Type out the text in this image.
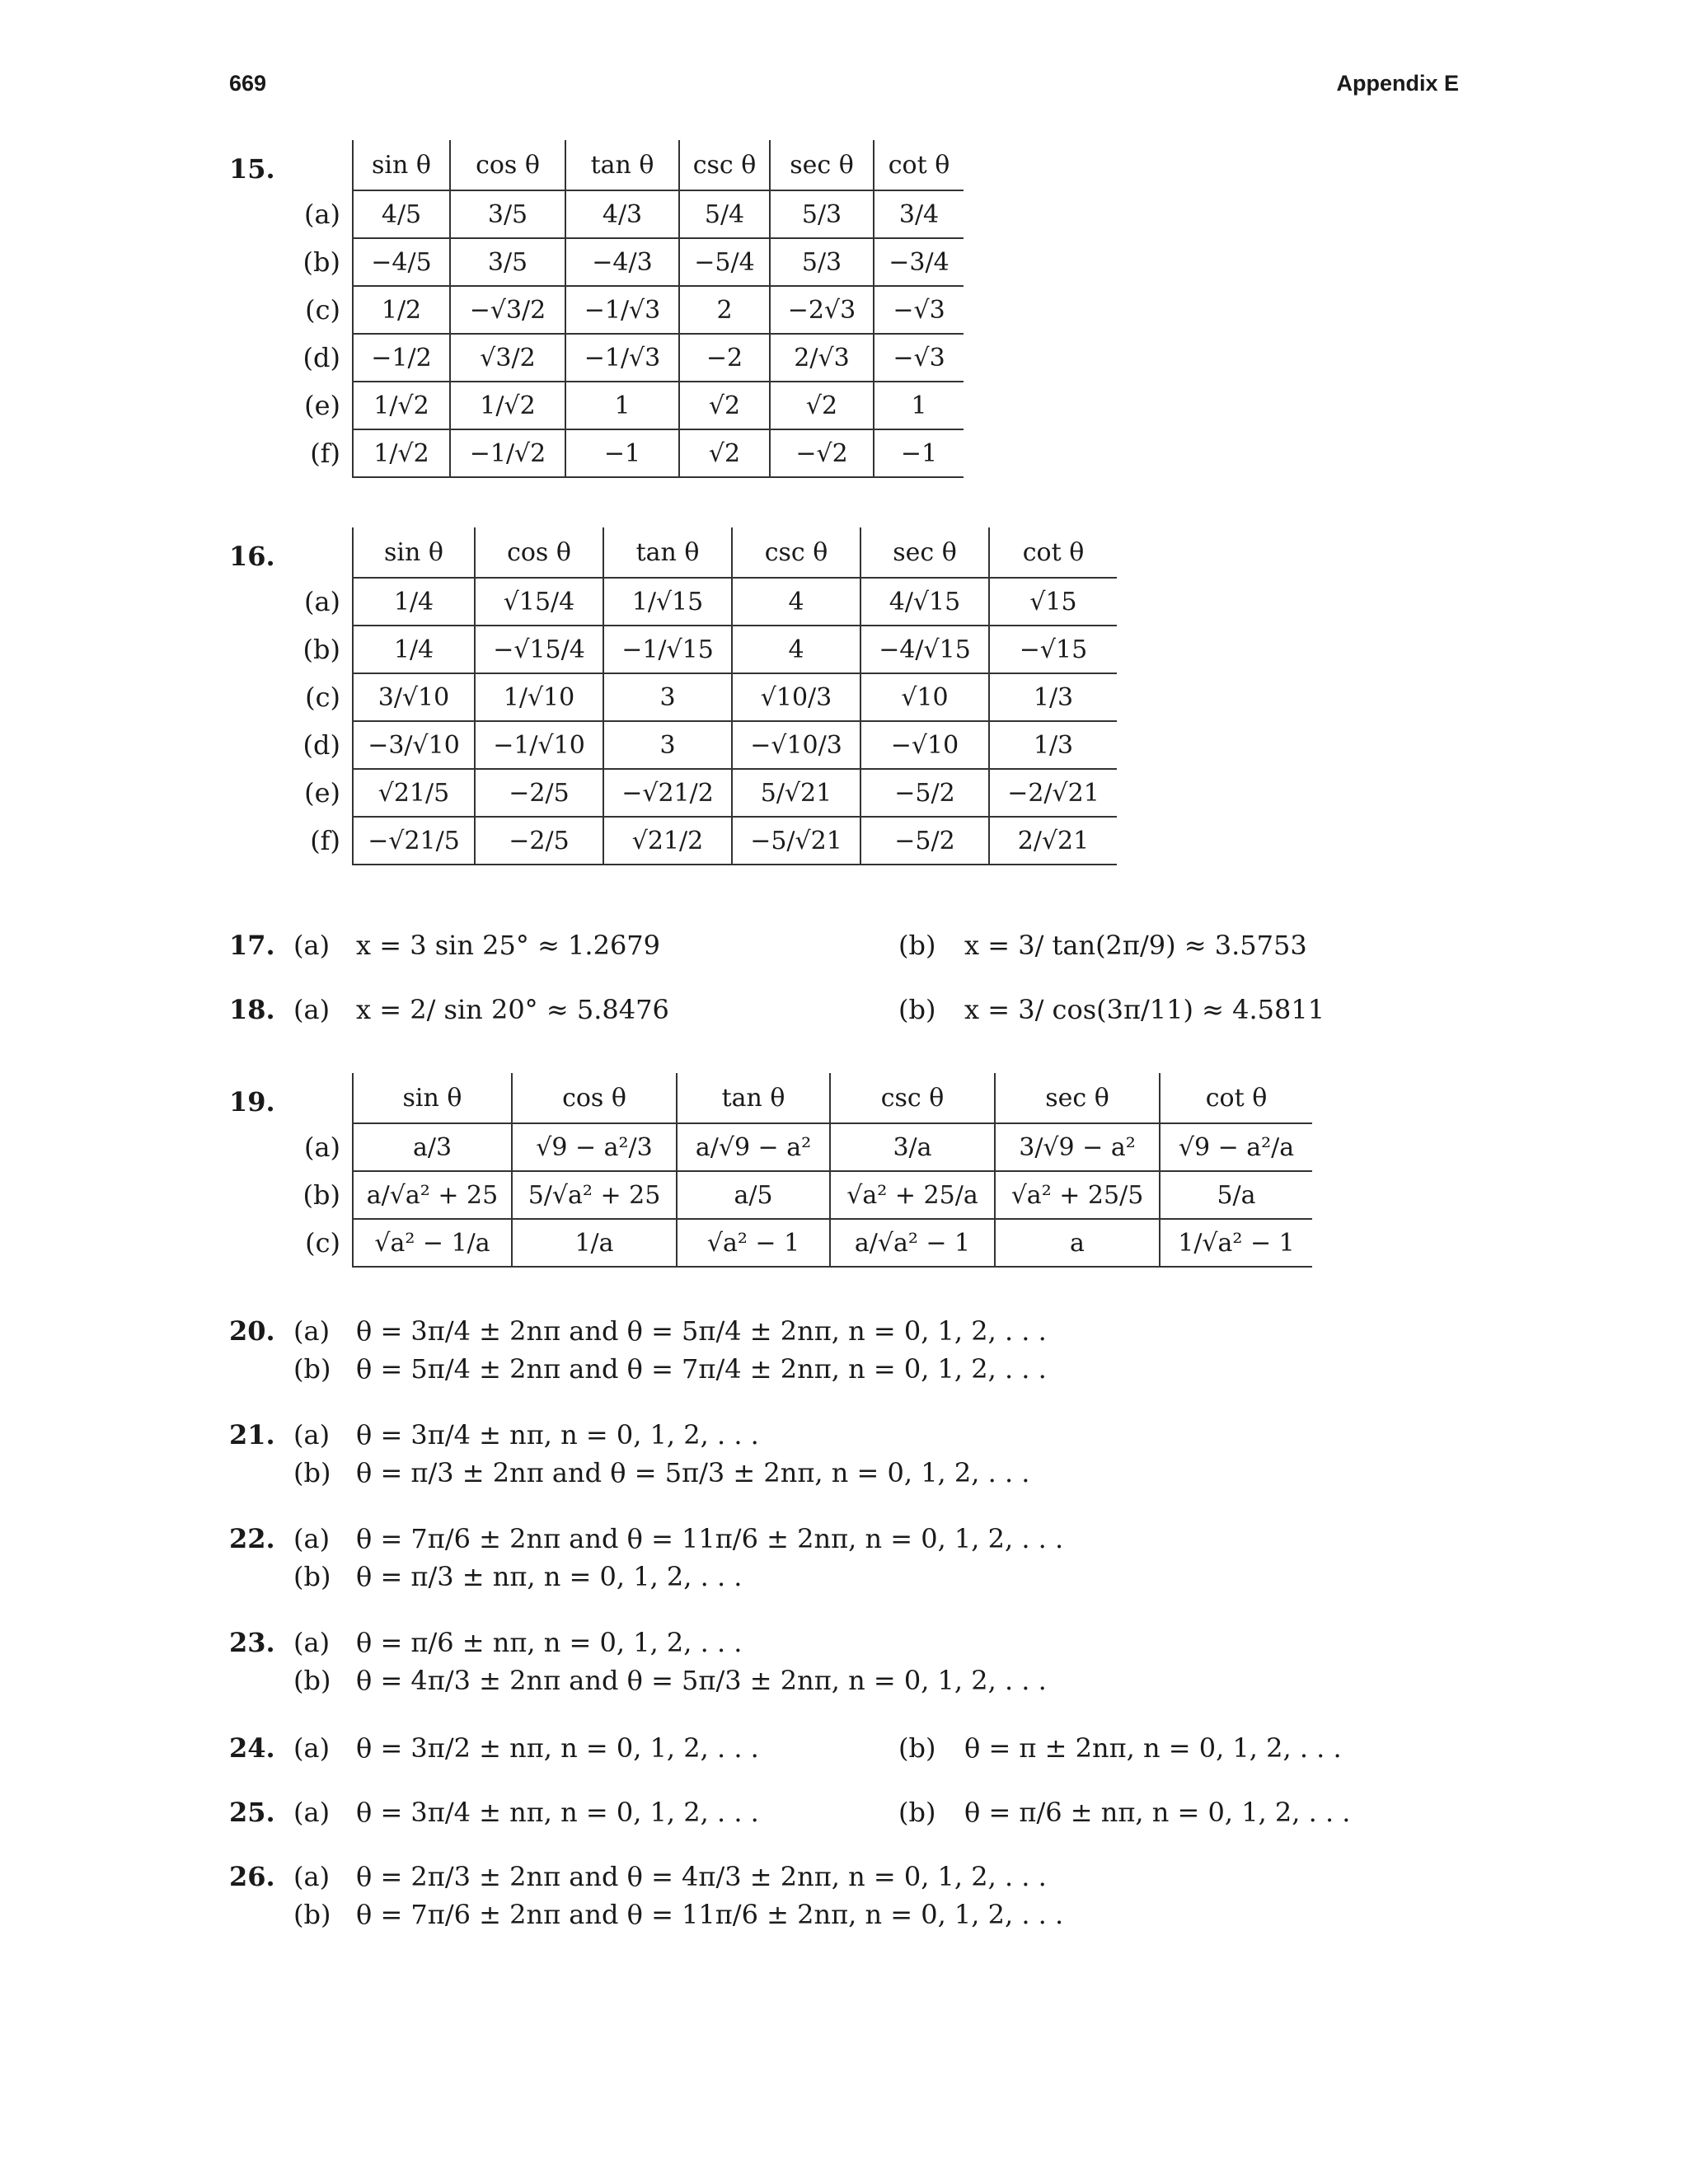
669	Appendix E
15.
		sin θ	cos θ	tan θ	csc θ	sec θ	cot θ
(a)	4/5	3/5	4/3	5/4	5/3	3/4
(b)	−4/5	3/5	−4/3	−5/4	5/3	−3/4
(c)	1/2	−√3/2	−1/√3	2	−2√3	−√3
(d)	−1/2	√3/2	−1/√3	−2	2/√3	−√3
(e)	1/√2	1/√2	1	√2	√2	1
(f)	1/√2	−1/√2	−1	√2	−√2	−1
16.
		sin θ	cos θ	tan θ	csc θ	sec θ	cot θ
(a)	1/4	√15/4	1/√15	4	4/√15	√15
(b)	1/4	−√15/4	−1/√15	4	−4/√15	−√15
(c)	3/√10	1/√10	3	√10/3	√10	1/3
(d)	−3/√10	−1/√10	3	−√10/3	−√10	1/3
(e)	√21/5	−2/5	−√21/2	5/√21	−5/2	−2/√21
(f)	−√21/5	−2/5	√21/2	−5/√21	−5/2	2/√21
17. (a) x = 3 sin 25° ≈ 1.2679	(b) x = 3/ tan(2π/9) ≈ 3.5753
18. (a) x = 2/ sin 20° ≈ 5.8476	(b) x = 3/ cos(3π/11) ≈ 4.5811
19.
		sin θ	cos θ	tan θ	csc θ	sec θ	cot θ
(a)	a/3	√9 − a²/3	a/√9 − a²	3/a	3/√9 − a²	√9 − a²/a
(b)	a/√a² + 25	5/√a² + 25	a/5	√a² + 25/a	√a² + 25/5	5/a
(c)	√a² − 1/a	1/a	√a² − 1	a/√a² − 1	a	1/√a² − 1
20. (a) θ = 3π/4 ± 2nπ and θ = 5π/4 ± 2nπ, n = 0, 1, 2, . . .
(b) θ = 5π/4 ± 2nπ and θ = 7π/4 ± 2nπ, n = 0, 1, 2, . . .
21. (a) θ = 3π/4 ± nπ, n = 0, 1, 2, . . .
(b) θ = π/3 ± 2nπ and θ = 5π/3 ± 2nπ, n = 0, 1, 2, . . .
22. (a) θ = 7π/6 ± 2nπ and θ = 11π/6 ± 2nπ, n = 0, 1, 2, . . .
(b) θ = π/3 ± nπ, n = 0, 1, 2, . . .
23. (a) θ = π/6 ± nπ, n = 0, 1, 2, . . .
(b) θ = 4π/3 ± 2nπ and θ = 5π/3 ± 2nπ, n = 0, 1, 2, . . .
24. (a) θ = 3π/2 ± nπ, n = 0, 1, 2, . . .	(b) θ = π ± 2nπ, n = 0, 1, 2, . . .
25. (a) θ = 3π/4 ± nπ, n = 0, 1, 2, . . .	(b) θ = π/6 ± nπ, n = 0, 1, 2, . . .
26. (a) θ = 2π/3 ± 2nπ and θ = 4π/3 ± 2nπ, n = 0, 1, 2, . . .
(b) θ = 7π/6 ± 2nπ and θ = 11π/6 ± 2nπ, n = 0, 1, 2, . . .
